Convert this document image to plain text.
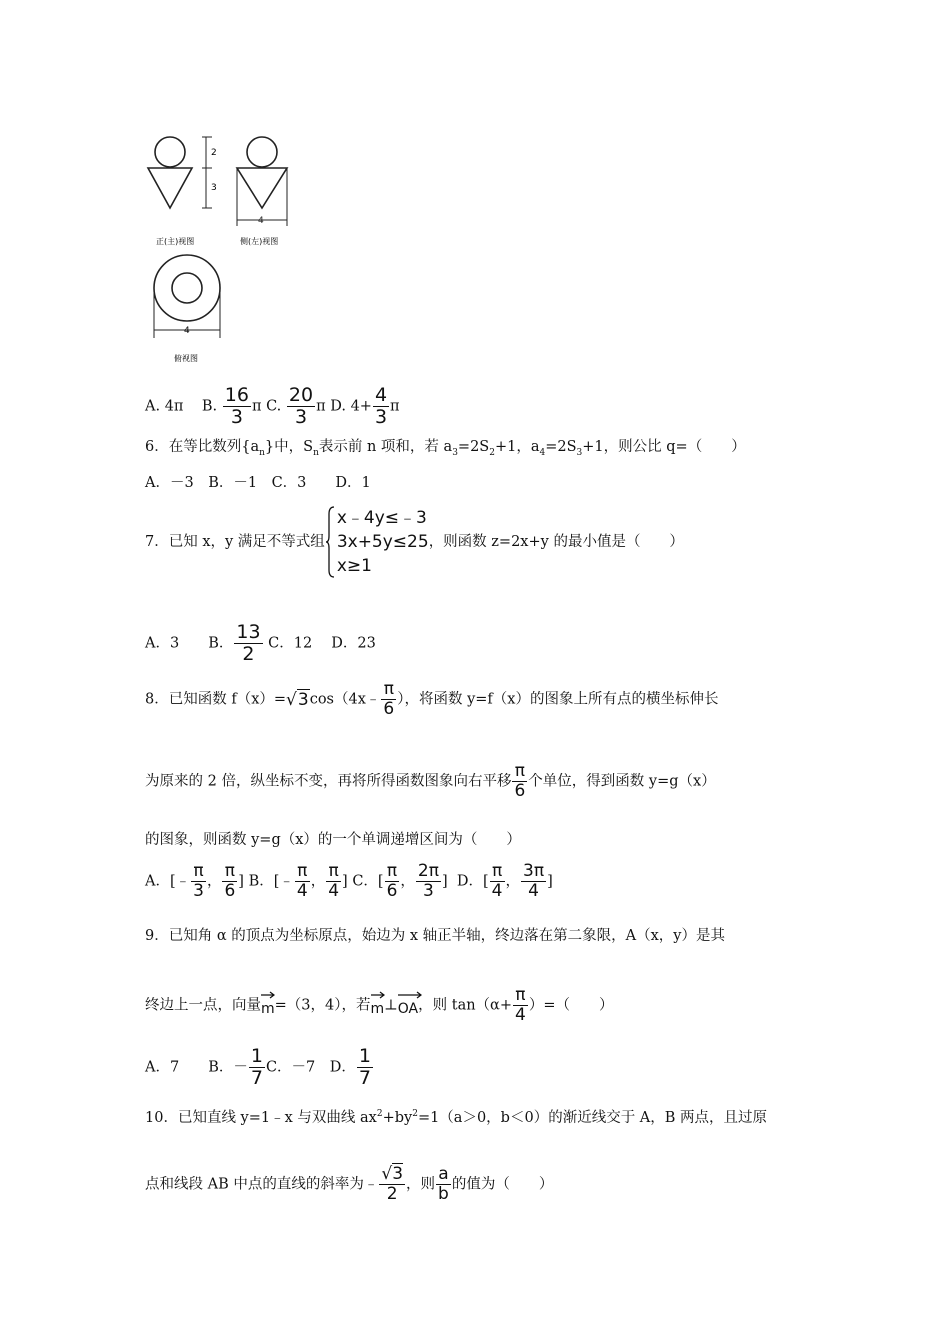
2
3
4
正(主)视图	侧(左)视图
4
俯视图
A. 4π B. $\frac{16}{3}$ π C. $\frac{20}{3}$ π D. $4+ \frac{4}{3}$ π
6．在等比数列$\{a_n\}$中，$S_n$表示前 n 项和，若 $a_3=2S_2+1$，$a_4=2S_3+1$，则公比 q=（　　）
A．－3　B．－1　C．3　　D．1
7．已知 x，y 满足不等式组
x﹣4y≤﹣3
3x+5y≤25
x≥1
，则函数 z=2x+y 的最小值是（　　）
A．3　　B． $\frac{13}{2}$ C．12　 D．23
8．已知函数 f（x）=√3cos（4x﹣ $\frac{\pi}{6}$ ），将函数 y=f（x）的图象上所有点的横坐标伸长
为原来的 2 倍，纵坐标不变，再将所得函数图象向右平移 $\frac{\pi}{6}$ 个单位，得到函数 y=g（x）
的图象，则函数 y=g（x）的一个单调递增区间为（　　）
A．[﹣ $\frac{\pi}{3}$ ， $\frac{\pi}{6}$ ] B．[﹣ $\frac{\pi}{4}$ ， $\frac{\pi}{4}$ ] C．[ $\frac{\pi}{6}$ ， $\frac{2\pi}{3}$ ] D．[ $\frac{\pi}{4}$ ， $\frac{3\pi}{4}$ ]
9．已知角 α 的顶点为坐标原点，始边为 x 轴正半轴，终边落在第二象限，A（x，y）是其
终边上一点，向量
m=（3，4），若
m⊥
OA，则 $\tan(\alpha+ \frac{\pi}{4}$ ）=（　　）
A．7　　B．－ $\frac{1}{7}$ C．－7　D． $\frac{1}{7}$
10．已知直线 y=1﹣x 与双曲线 $ax^2+by^2=1(a>0$，b＜0）的渐近线交于 A，B 两点，且过原
点和线段 AB 中点的直线的斜率为﹣ $\frac{√3}{2}$ ，则 $\frac{a}{b}$ 的值为（　　）
